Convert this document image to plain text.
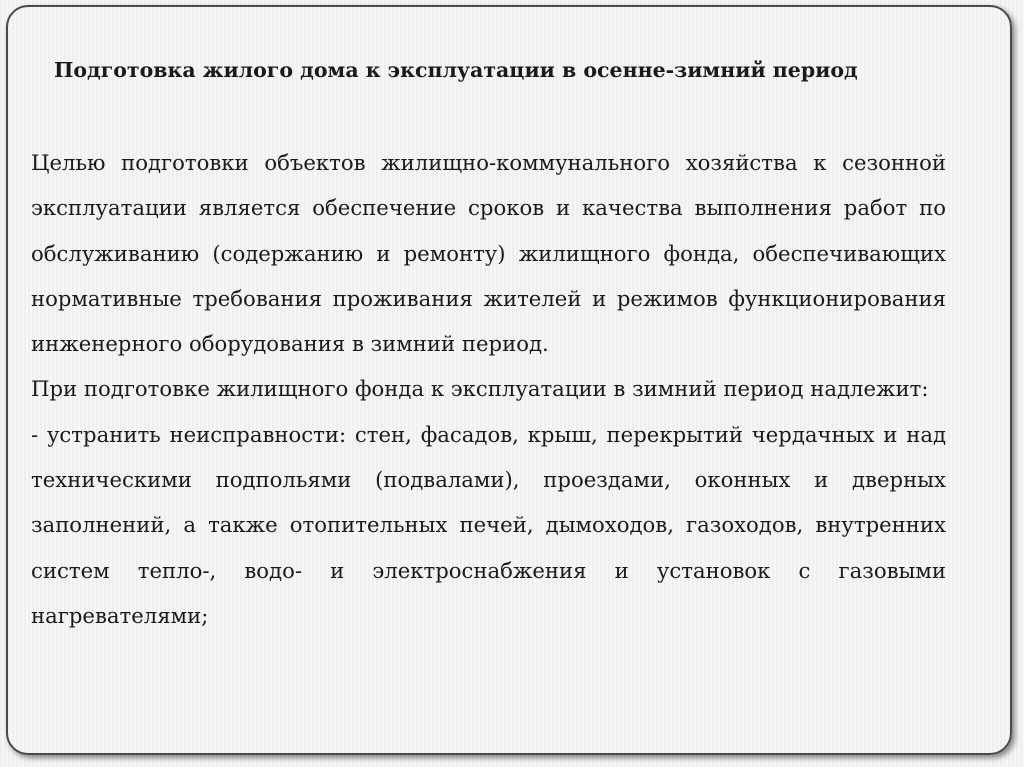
Подготовка жилого дома к эксплуатации в осенне-зимний период

Целью подготовки объектов жилищно-коммунального хозяйства к сезонной эксплуатации является обеспечение сроков и качества выполнения работ по обслуживанию (содержанию и ремонту) жилищного фонда, обеспечивающих нормативные требования проживания жителей и режимов функционирования инженерного оборудования в зимний период.

При подготовке жилищного фонда к эксплуатации в зимний период надлежит:

- устранить неисправности: стен, фасадов, крыш, перекрытий чердачных и над техническими подпольями (подвалами), проездами, оконных и дверных заполнений, а также отопительных печей, дымоходов, газоходов, внутренних систем тепло-, водо- и электроснабжения и установок с газовыми нагревателями;
